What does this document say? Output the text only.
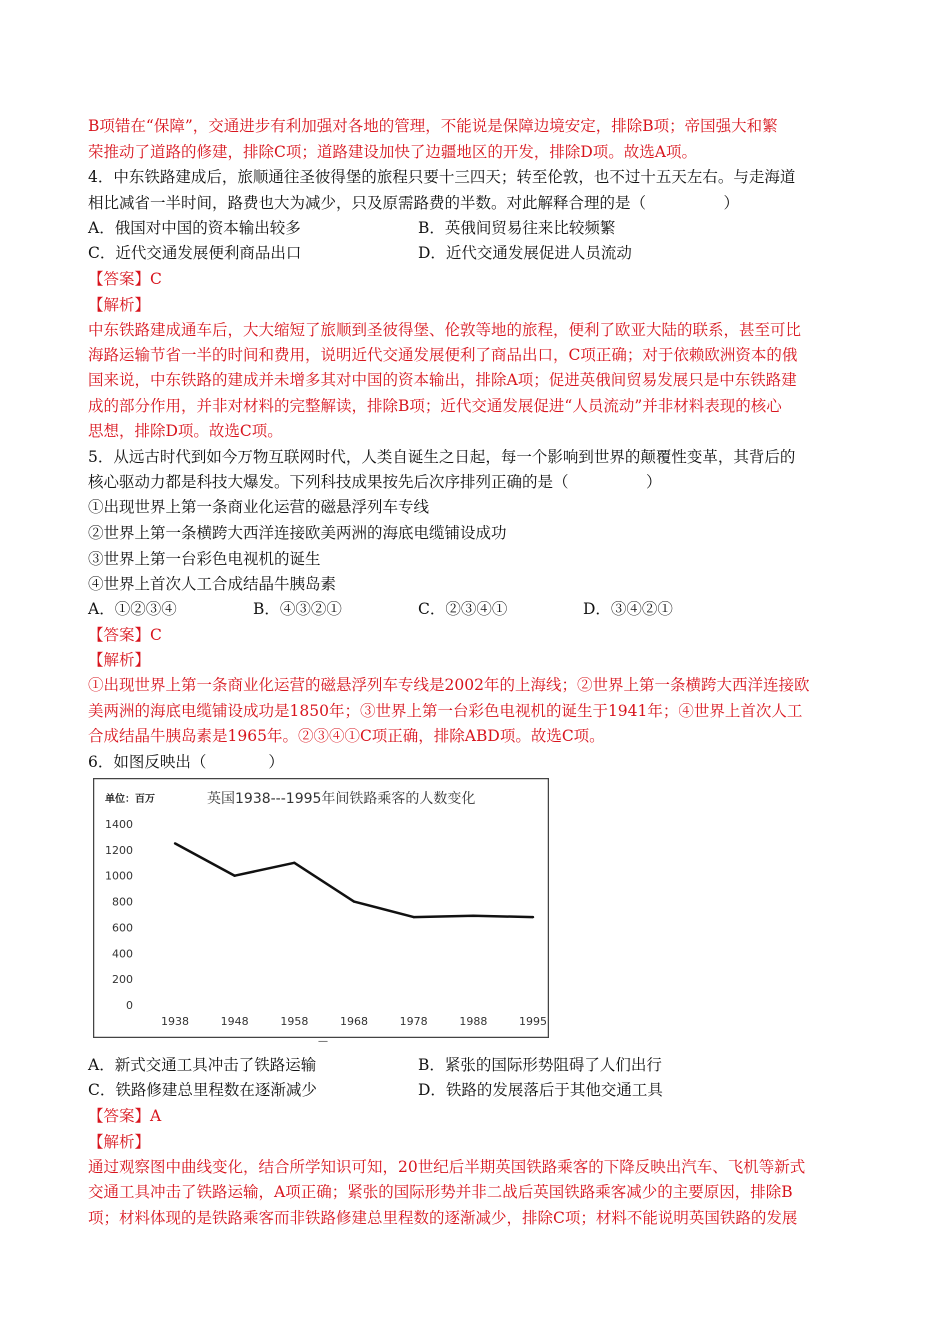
B项错在“保障”，交通进步有利加强对各地的管理，不能说是保障边境安定，排除B项；帝国强大和繁
荣推动了道路的修建，排除C项；道路建设加快了边疆地区的开发，排除D项。故选A项。
4．中东铁路建成后，旅顺通往圣彼得堡的旅程只要十三四天；转至伦敦，也不过十五天左右。与走海道
相比减省一半时间，路费也大为减少，只及原需路费的半数。对此解释合理的是（　　　　　）
A．俄国对中国的资本输出较多	B．英俄间贸易往来比较频繁
C．近代交通发展便利商品出口	D．近代交通发展促进人员流动
【答案】C
【解析】
中东铁路建成通车后，大大缩短了旅顺到圣彼得堡、伦敦等地的旅程，便利了欧亚大陆的联系，甚至可比
海路运输节省一半的时间和费用，说明近代交通发展便利了商品出口，C项正确；对于依赖欧洲资本的俄
国来说，中东铁路的建成并未增多其对中国的资本输出，排除A项；促进英俄间贸易发展只是中东铁路建
成的部分作用，并非对材料的完整解读，排除B项；近代交通发展促进“人员流动”并非材料表现的核心
思想，排除D项。故选C项。
5．从远古时代到如今万物互联网时代，人类自诞生之日起，每一个影响到世界的颠覆性变革，其背后的
核心驱动力都是科技大爆发。下列科技成果按先后次序排列正确的是（　　　　　）
①出现世界上第一条商业化运营的磁悬浮列车专线
②世界上第一条横跨大西洋连接欧美两洲的海底电缆铺设成功
③世界上第一台彩色电视机的诞生
④世界上首次人工合成结晶牛胰岛素
A．①②③④	B．④③②①	C．②③④①	D．③④②①
【答案】C
【解析】
①出现世界上第一条商业化运营的磁悬浮列车专线是2002年的上海线；②世界上第一条横跨大西洋连接欧
美两洲的海底电缆铺设成功是1850年；③世界上第一台彩色电视机的诞生于1941年；④世界上首次人工
合成结晶牛胰岛素是1965年。②③④①C项正确，排除ABD项。故选C项。
6．如图反映出（　　　　）
单位：百万	英国1938---1995年间铁路乘客的人数变化
0
200
400
600
800
1000
1200
1400
1938	1948	1958	1968	1978	1988	1995
—
A．新式交通工具冲击了铁路运输	B．紧张的国际形势阻碍了人们出行
C．铁路修建总里程数在逐渐减少	D．铁路的发展落后于其他交通工具
【答案】A
【解析】
通过观察图中曲线变化，结合所学知识可知，20世纪后半期英国铁路乘客的下降反映出汽车、飞机等新式
交通工具冲击了铁路运输，A项正确；紧张的国际形势并非二战后英国铁路乘客减少的主要原因，排除B
项；材料体现的是铁路乘客而非铁路修建总里程数的逐渐减少，排除C项；材料不能说明英国铁路的发展
